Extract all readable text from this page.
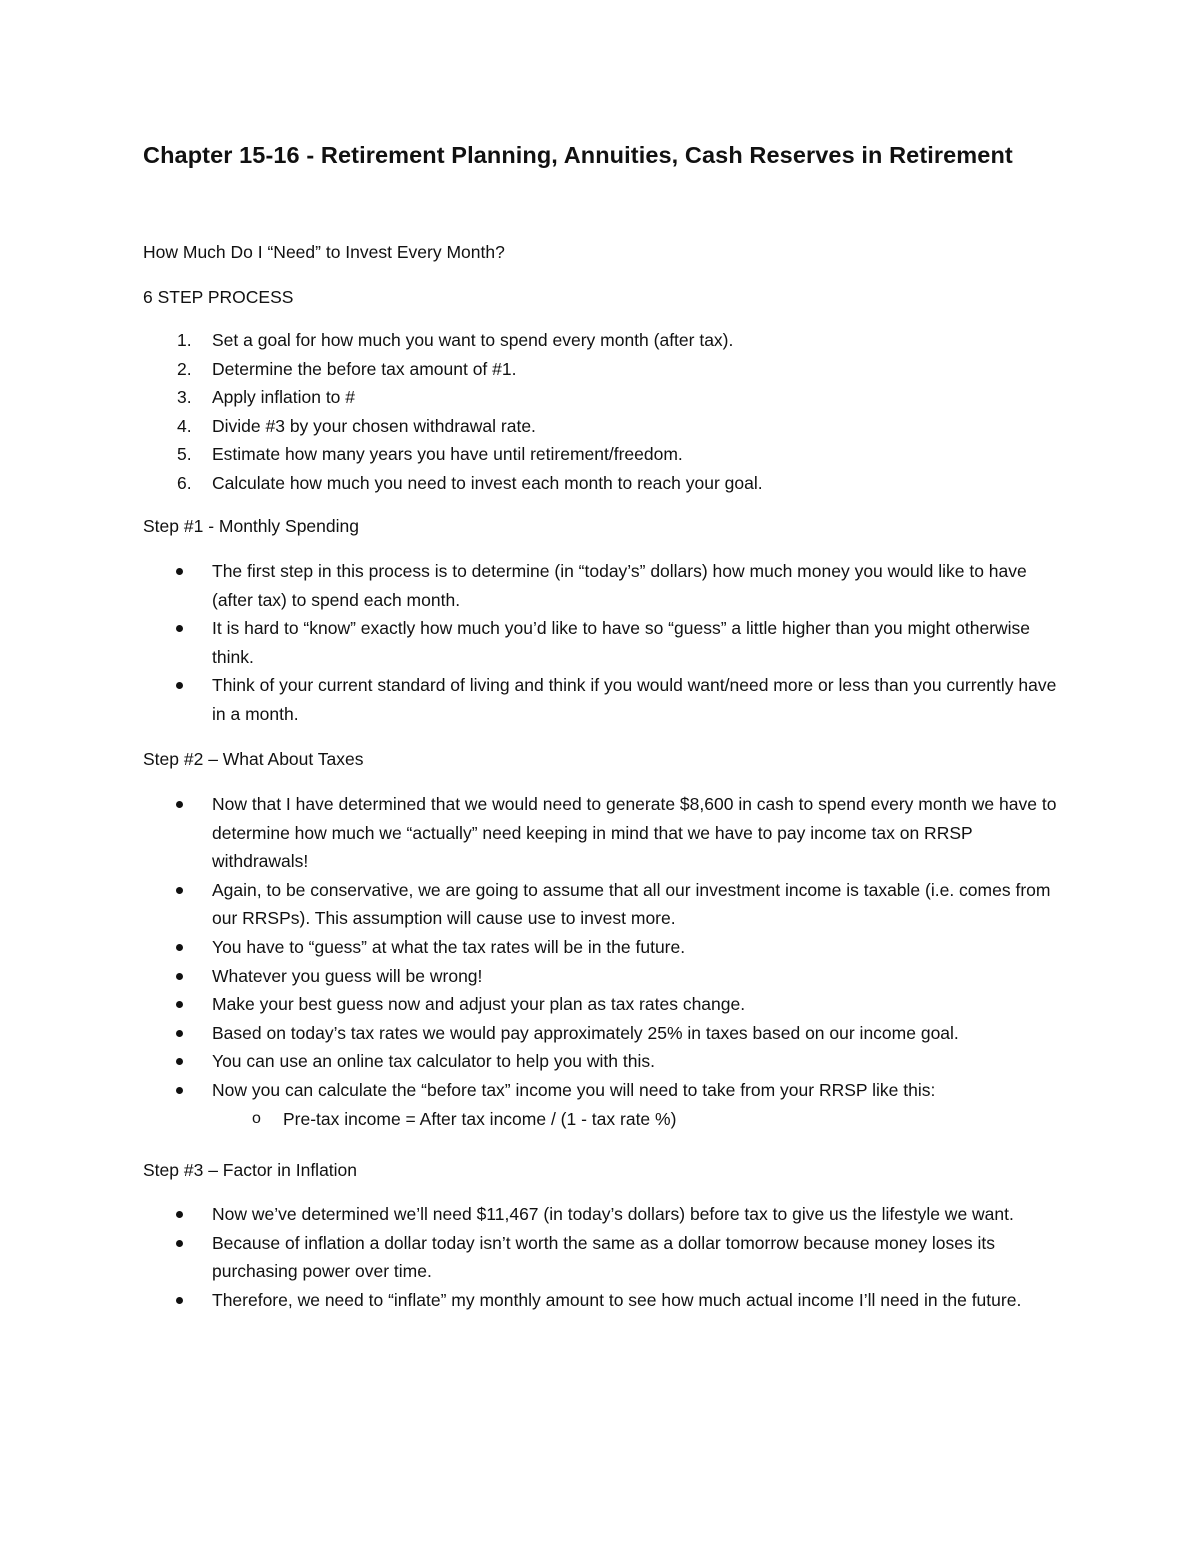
Chapter 15-16 - Retirement Planning, Annuities, Cash Reserves in Retirement

How Much Do I “Need” to Invest Every Month?

6 STEP PROCESS

1. Set a goal for how much you want to spend every month (after tax).
2. Determine the before tax amount of #1.
3. Apply inflation to #
4. Divide #3 by your chosen withdrawal rate.
5. Estimate how many years you have until retirement/freedom.
6. Calculate how much you need to invest each month to reach your goal.

Step #1 - Monthly Spending

The first step in this process is to determine (in “today’s” dollars) how much money you would like to have (after tax) to spend each month.
It is hard to “know” exactly how much you’d like to have so “guess” a little higher than you might otherwise think.
Think of your current standard of living and think if you would want/need more or less than you currently have in a month.

Step #2 – What About Taxes

Now that I have determined that we would need to generate $8,600 in cash to spend every month we have to determine how much we “actually” need keeping in mind that we have to pay income tax on RRSP withdrawals!
Again, to be conservative, we are going to assume that all our investment income is taxable (i.e. comes from our RRSPs). This assumption will cause use to invest more.
You have to “guess” at what the tax rates will be in the future.
Whatever you guess will be wrong!
Make your best guess now and adjust your plan as tax rates change.
Based on today’s tax rates we would pay approximately 25% in taxes based on our income goal.
You can use an online tax calculator to help you with this.
Now you can calculate the “before tax” income you will need to take from your RRSP like this:
o Pre-tax income = After tax income / (1 - tax rate %)

Step #3 – Factor in Inflation

Now we’ve determined we’ll need $11,467 (in today’s dollars) before tax to give us the lifestyle we want.
Because of inflation a dollar today isn’t worth the same as a dollar tomorrow because money loses its purchasing power over time.
Therefore, we need to “inflate” my monthly amount to see how much actual income I’ll need in the future.
